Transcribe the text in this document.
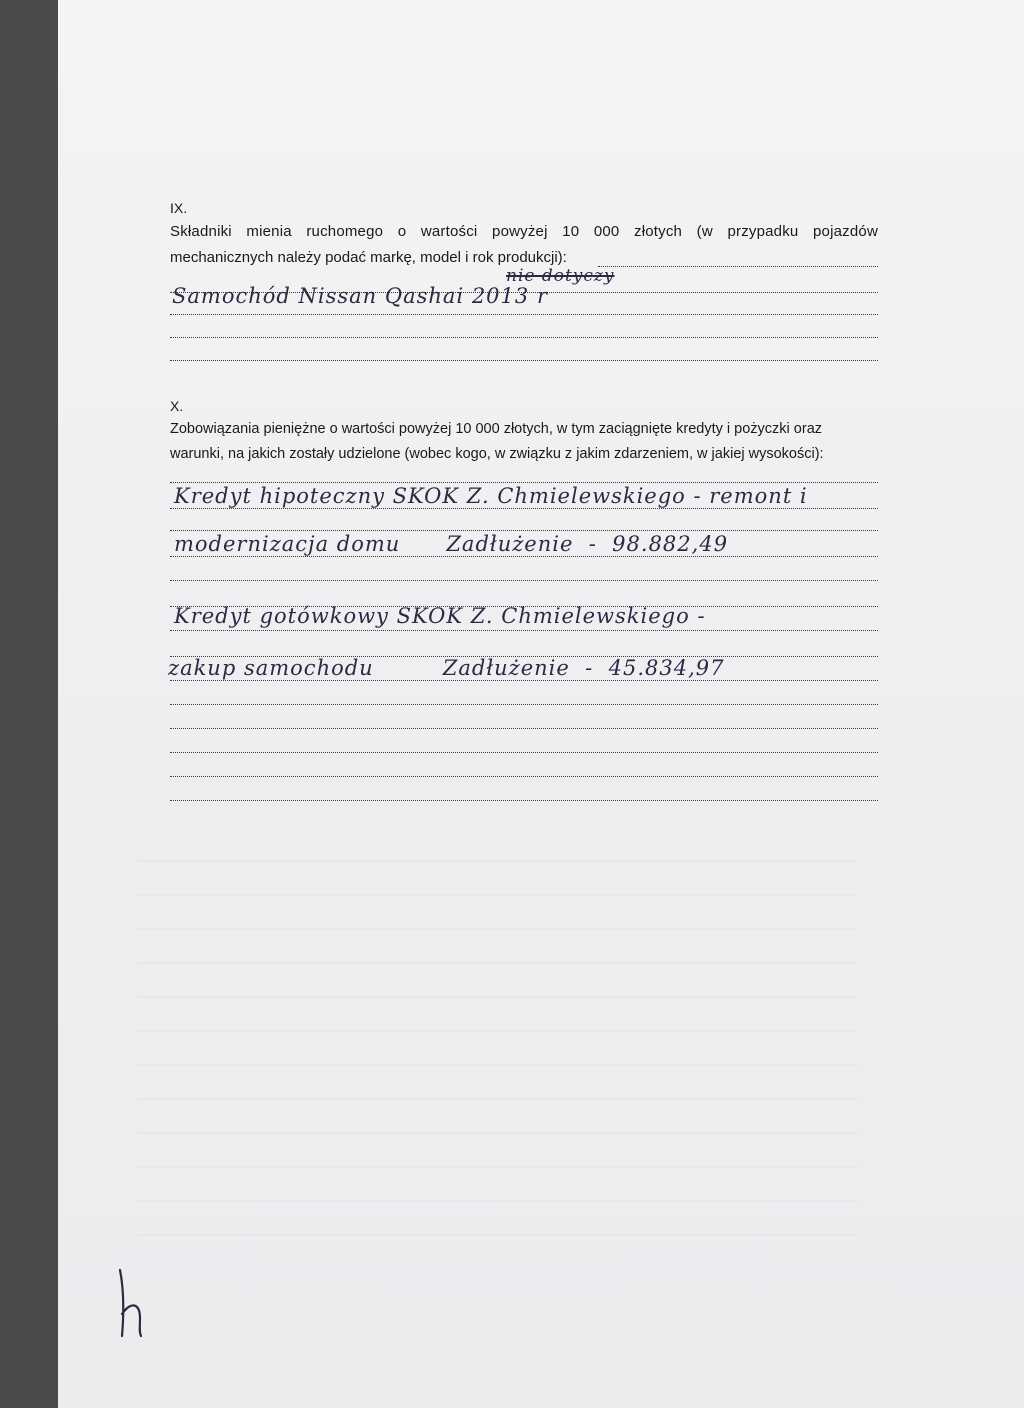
IX.
Składniki mienia ruchomego o wartości powyżej 10 000 złotych (w przypadku pojazdów
mechanicznych należy podać markę, model i rok produkcji):
nie dotyczy
Samochód Nissan Qashai 2013 r
X.
Zobowiązania pieniężne o wartości powyżej 10 000 złotych, w tym zaciągnięte kredyty i pożyczki oraz
warunki, na jakich zostały udzielone (wobec kogo, w związku z jakim zdarzeniem, w jakiej wysokości):
Kredyt hipoteczny SKOK Z. Chmielewskiego - remont i
modernizacja domu      Zadłużenie  -  98.882,49
Kredyt gotówkowy SKOK Z. Chmielewskiego -
zakup samochodu         Zadłużenie  -  45.834,97
